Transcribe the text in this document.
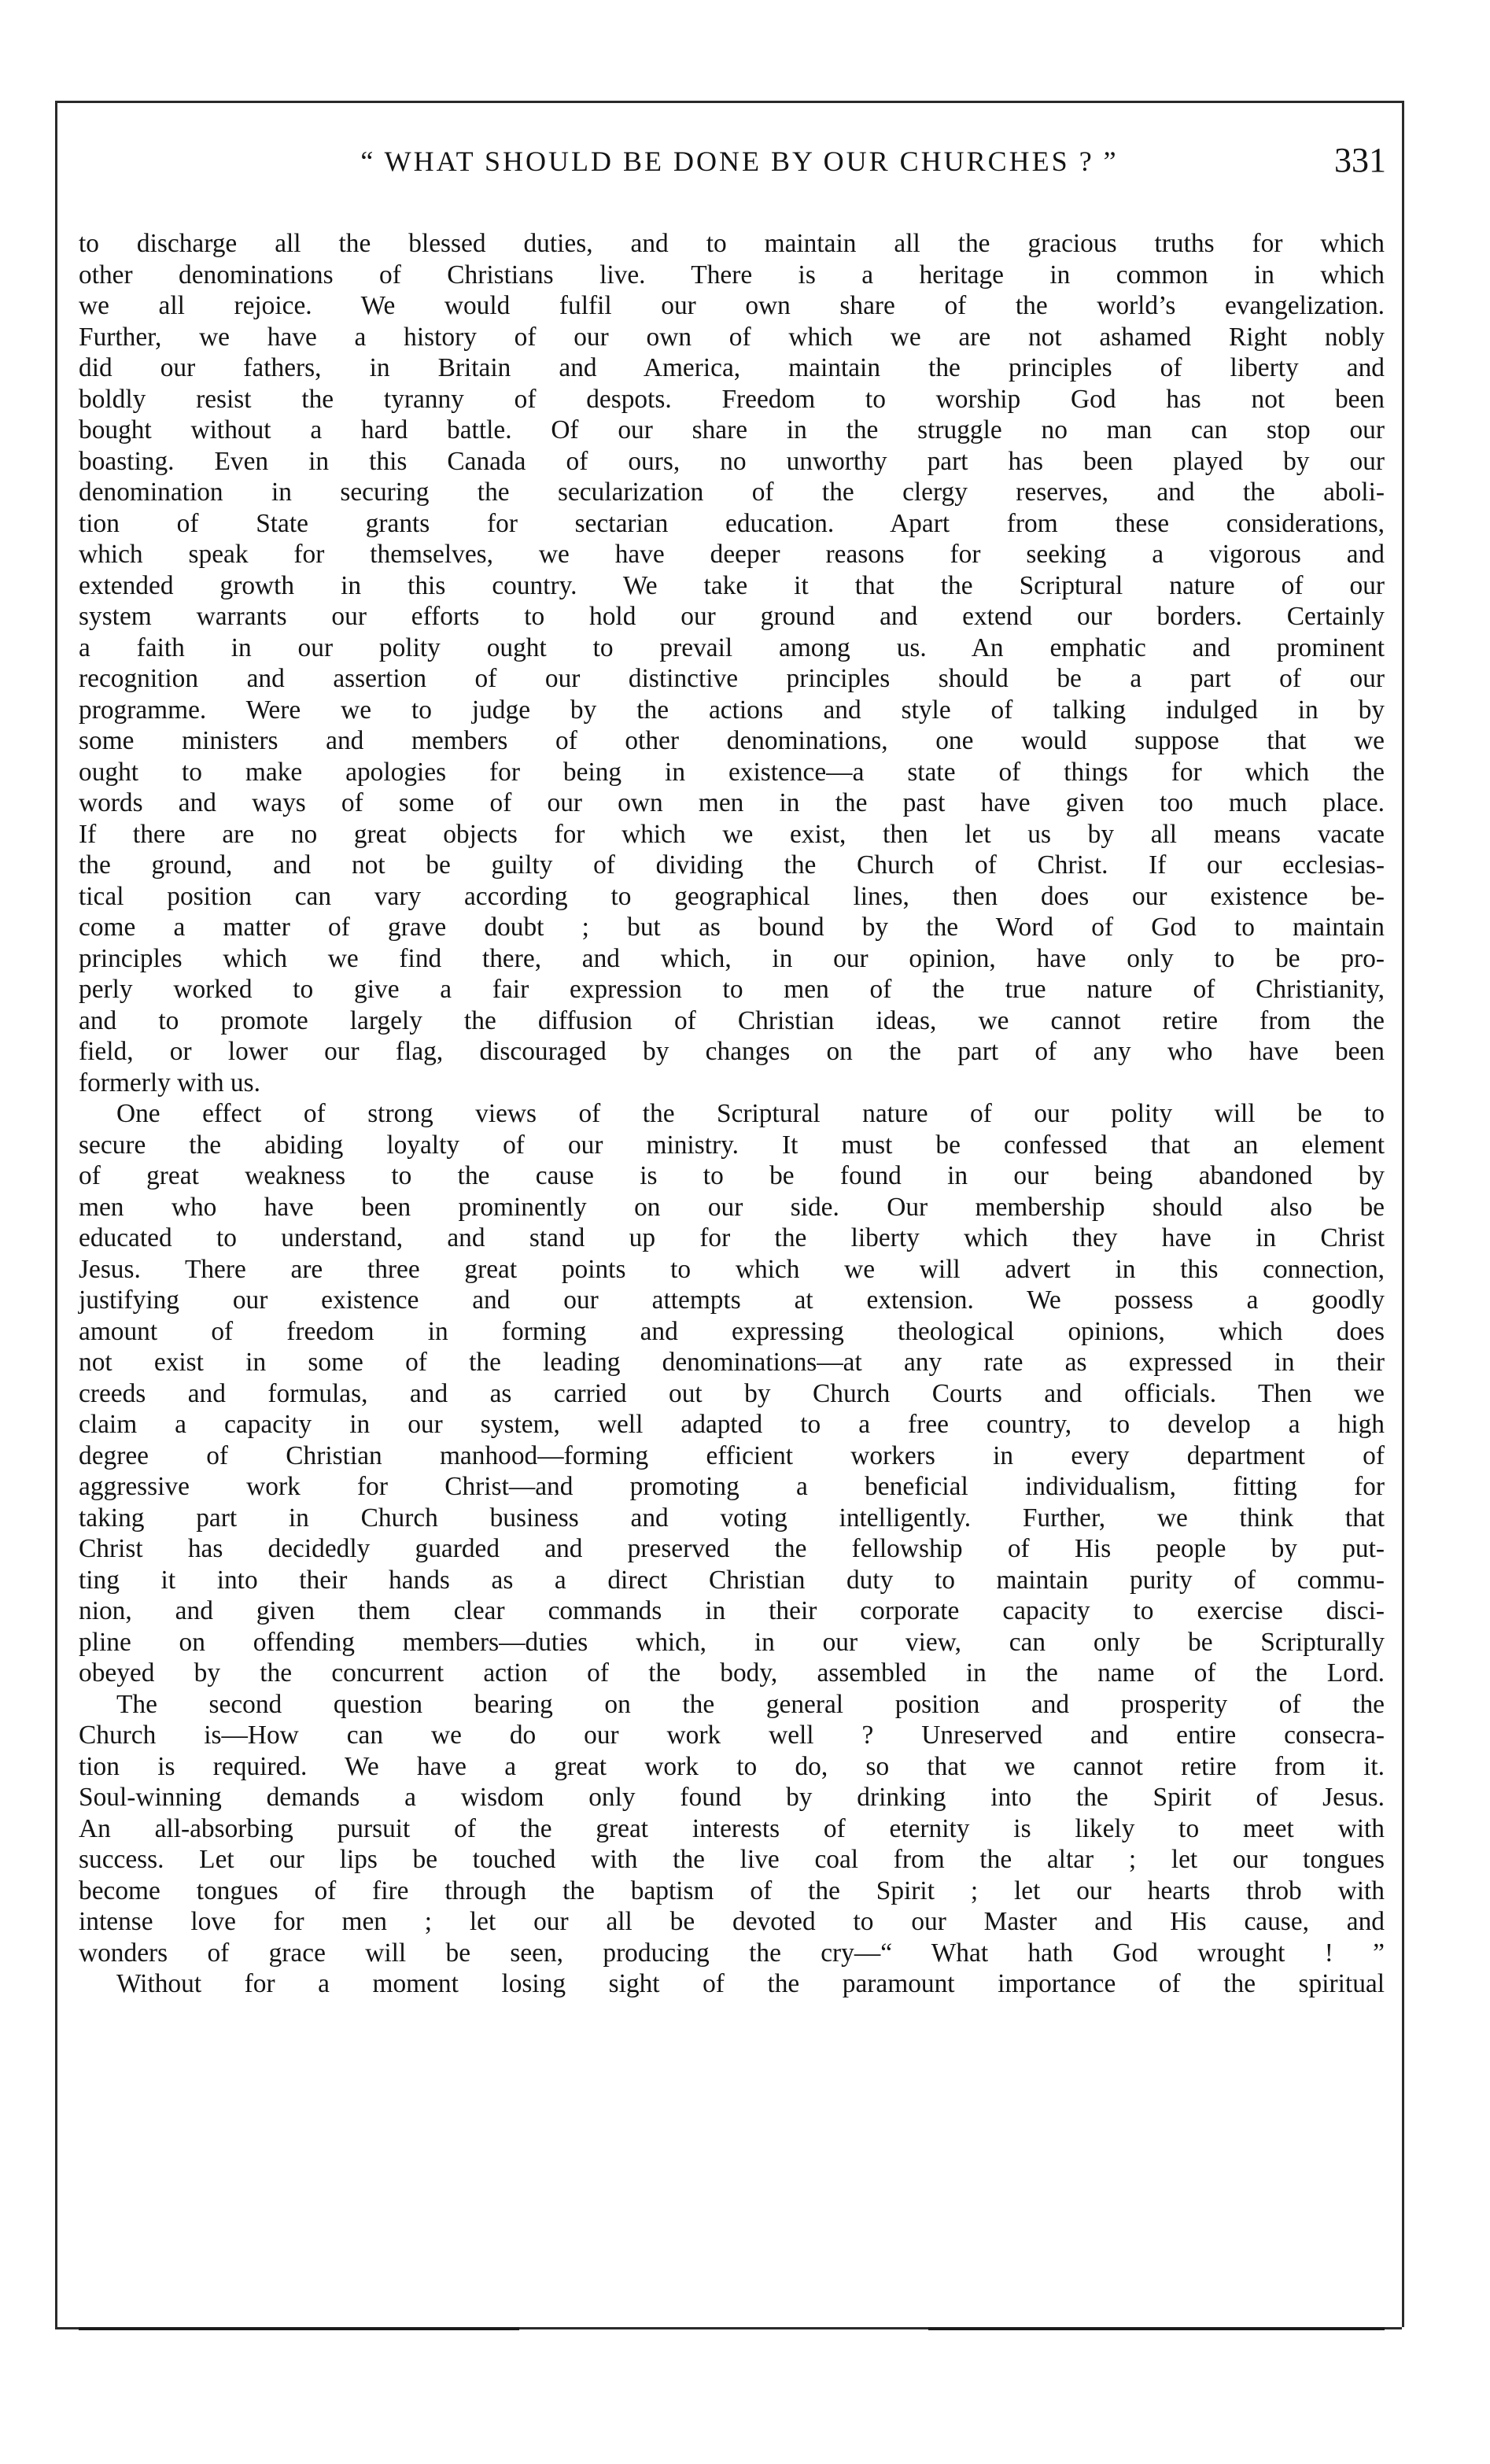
“ WHAT SHOULD BE DONE BY OUR CHURCHES ? ”	331

to discharge all the blessed duties, and to maintain all the gracious truths for which

other denominations of Christians live. There is a heritage in common in which

we all rejoice. We would fulfil our own share of the world’s evangelization.

Further, we have a history of our own of which we are not ashamed Right nobly

did our fathers, in Britain and America, maintain the principles of liberty and

boldly resist the tyranny of despots. Freedom to worship God has not been

bought without a hard battle. Of our share in the struggle no man can stop our

boasting. Even in this Canada of ours, no unworthy part has been played by our

denomination in securing the secularization of the clergy reserves, and the aboli-

tion of State grants for sectarian education. Apart from these considerations,

which speak for themselves, we have deeper reasons for seeking a vigorous and

extended growth in this country. We take it that the Scriptural nature of our

system warrants our efforts to hold our ground and extend our borders. Certainly

a faith in our polity ought to prevail among us. An emphatic and prominent

recognition and assertion of our distinctive principles should be a part of our

programme. Were we to judge by the actions and style of talking indulged in by

some ministers and members of other denominations, one would suppose that we

ought to make apologies for being in existence—a state of things for which the

words and ways of some of our own men in the past have given too much place.

If there are no great objects for which we exist, then let us by all means vacate

the ground, and not be guilty of dividing the Church of Christ. If our ecclesias-

tical position can vary according to geographical lines, then does our existence be-

come a matter of grave doubt ; but as bound by the Word of God to maintain

principles which we find there, and which, in our opinion, have only to be pro-

perly worked to give a fair expression to men of the true nature of Christianity,

and to promote largely the diffusion of Christian ideas, we cannot retire from the

field, or lower our flag, discouraged by changes on the part of any who have been

formerly with us.

One effect of strong views of the Scriptural nature of our polity will be to

secure the abiding loyalty of our ministry. It must be confessed that an element

of great weakness to the cause is to be found in our being abandoned by

men who have been prominently on our side. Our membership should also be

educated to understand, and stand up for the liberty which they have in Christ

Jesus. There are three great points to which we will advert in this connection,

justifying our existence and our attempts at extension. We possess a goodly

amount of freedom in forming and expressing theological opinions, which does

not exist in some of the leading denominations—at any rate as expressed in their

creeds and formulas, and as carried out by Church Courts and officials. Then we

claim a capacity in our system, well adapted to a free country, to develop a high

degree of Christian manhood—forming efficient workers in every department of

aggressive work for Christ—and promoting a beneficial individualism, fitting for

taking part in Church business and voting intelligently. Further, we think that

Christ has decidedly guarded and preserved the fellowship of His people by put-

ting it into their hands as a direct Christian duty to maintain purity of commu-

nion, and given them clear commands in their corporate capacity to exercise disci-

pline on offending members—duties which, in our view, can only be Scripturally

obeyed by the concurrent action of the body, assembled in the name of the Lord.

The second question bearing on the general position and prosperity of the

Church is—How can we do our work well ? Unreserved and entire consecra-

tion is required. We have a great work to do, so that we cannot retire from it.

Soul-winning demands a wisdom only found by drinking into the Spirit of Jesus.

An all-absorbing pursuit of the great interests of eternity is likely to meet with

success. Let our lips be touched with the live coal from the altar ; let our tongues

become tongues of fire through the baptism of the Spirit ; let our hearts throb with

intense love for men ; let our all be devoted to our Master and His cause, and

wonders of grace will be seen, producing the cry—“ What hath God wrought ! ”

Without for a moment losing sight of the paramount importance of the spiritual
